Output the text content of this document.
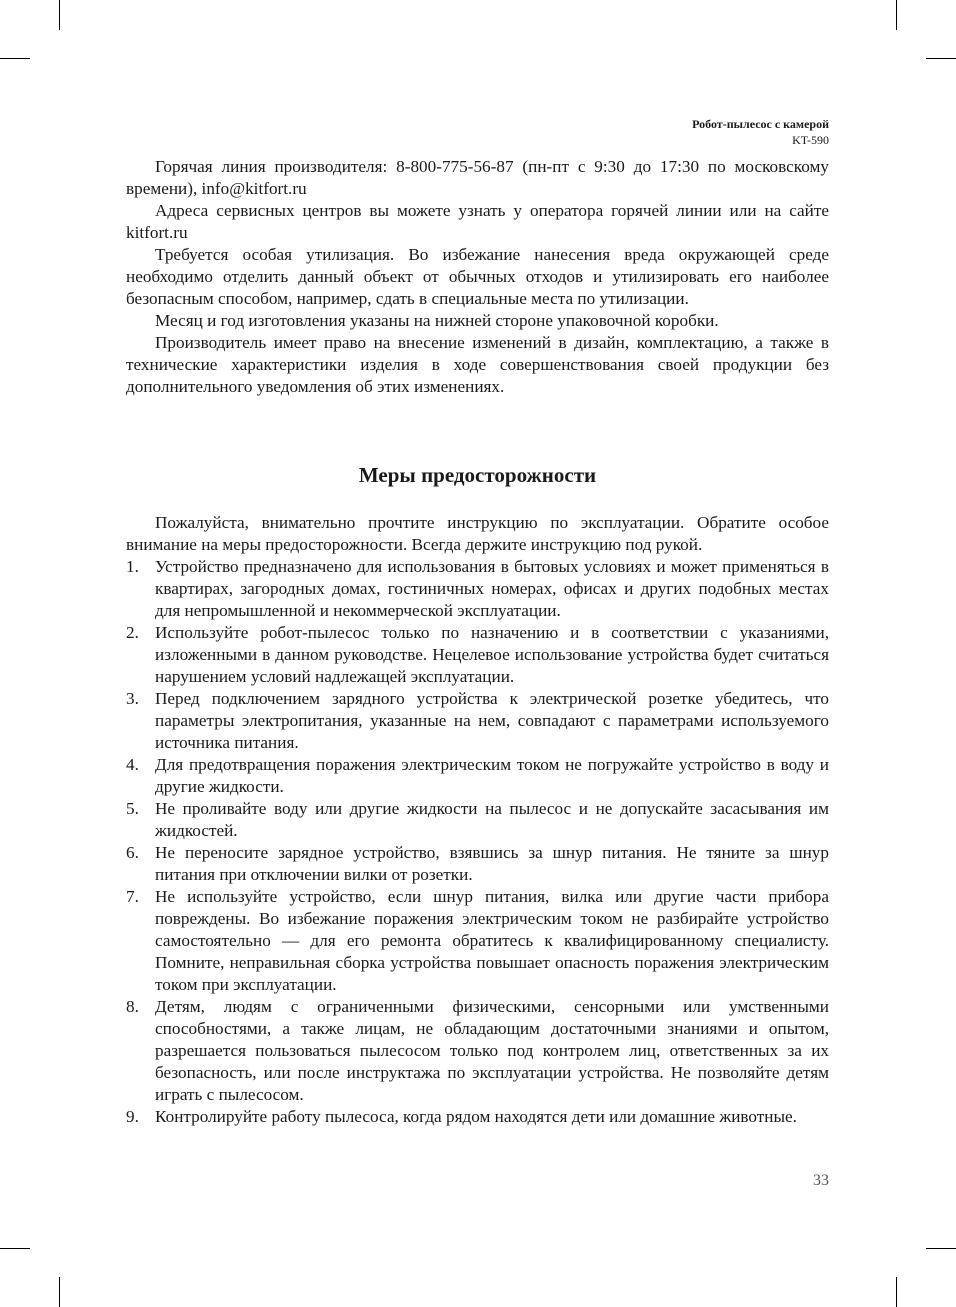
Робот-пылесос с камерой
KT-590

Горячая линия производителя: 8-800-775-56-87 (пн-пт с 9:30 до 17:30 по московскому времени), info@kitfort.ru

Адреса сервисных центров вы можете узнать у оператора горячей линии или на сайте kitfort.ru

Требуется особая утилизация. Во избежание нанесения вреда окружающей среде необходимо отделить данный объект от обычных отходов и утилизировать его наиболее безопасным способом, например, сдать в специальные места по утилизации.

Месяц и год изготовления указаны на нижней стороне упаковочной коробки.

Производитель имеет право на внесение изменений в дизайн, комплектацию, а также в технические характеристики изделия в ходе совершенствования своей продукции без дополнительного уведомления об этих изменениях.

Меры предосторожности

Пожалуйста, внимательно прочтите инструкцию по эксплуатации. Обратите особое внимание на меры предосторожности. Всегда держите инструкцию под рукой.

1. Устройство предназначено для использования в бытовых условиях и может применяться в квартирах, загородных домах, гостиничных номерах, офисах и других подобных местах для непромышленной и некоммерческой эксплуатации.
2. Используйте робот-пылесос только по назначению и в соответствии с указаниями, изложенными в данном руководстве. Нецелевое использование устройства будет считаться нарушением условий надлежащей эксплуатации.
3. Перед подключением зарядного устройства к электрической розетке убедитесь, что параметры электропитания, указанные на нем, совпадают с параметрами используемого источника питания.
4. Для предотвращения поражения электрическим током не погружайте устройство в воду и другие жидкости.
5. Не проливайте воду или другие жидкости на пылесос и не допускайте засасывания им жидкостей.
6. Не переносите зарядное устройство, взявшись за шнур питания. Не тяните за шнур питания при отключении вилки от розетки.
7. Не используйте устройство, если шнур питания, вилка или другие части прибора повреждены. Во избежание поражения электрическим током не разбирайте устройство самостоятельно — для его ремонта обратитесь к квалифицированному специалисту. Помните, неправильная сборка устройства повышает опасность поражения электрическим током при эксплуатации.
8. Детям, людям с ограниченными физическими, сенсорными или умственными способностями, а также лицам, не обладающим достаточными знаниями и опытом, разрешается пользоваться пылесосом только под контролем лиц, ответственных за их безопасность, или после инструктажа по эксплуатации устройства. Не позволяйте детям играть с пылесосом.
9. Контролируйте работу пылесоса, когда рядом находятся дети или домашние животные.
33
